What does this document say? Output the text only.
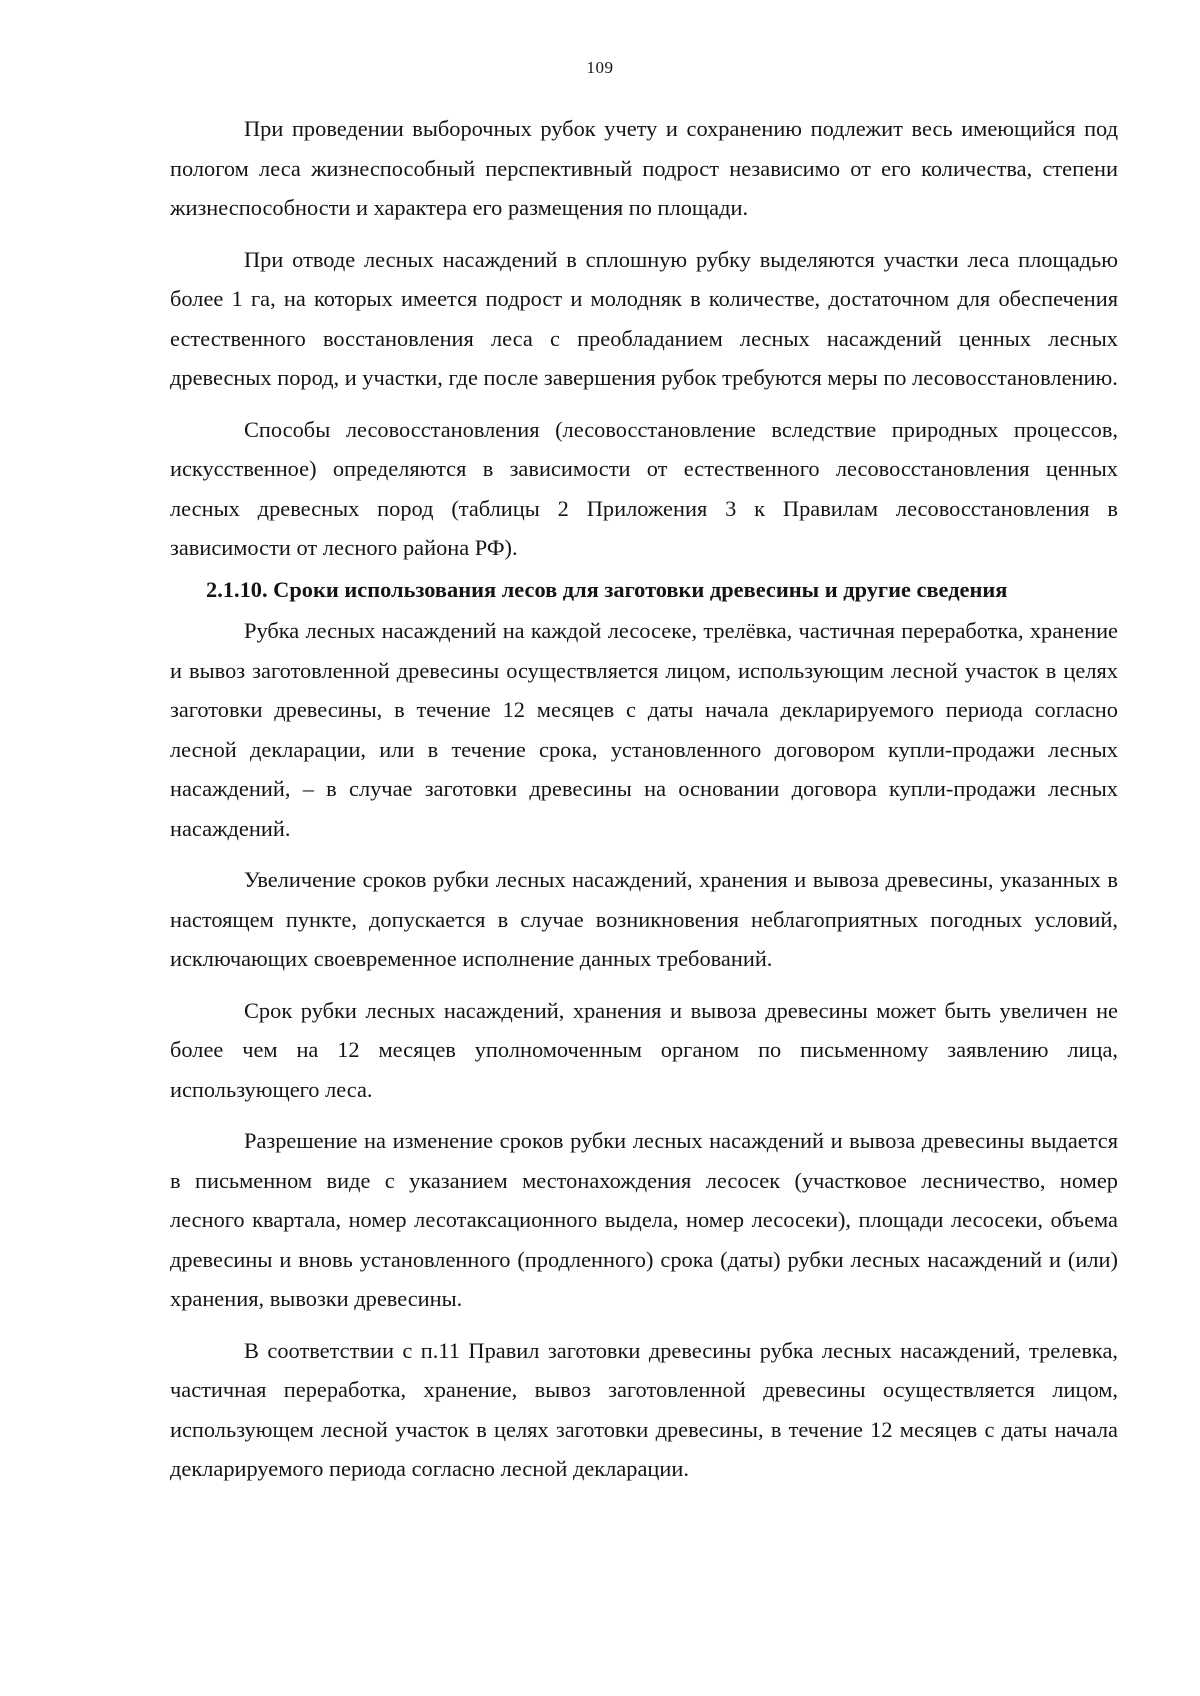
109

При проведении выборочных рубок учету и сохранению подлежит весь имеющийся под пологом леса жизнеспособный перспективный подрост независимо от его количества, степени жизнеспособности и характера его размещения по площади.

При отводе лесных насаждений в сплошную рубку выделяются участки леса площадью более 1 га, на которых имеется подрост и молодняк в количестве, достаточном для обеспечения естественного восстановления леса с преобладанием лесных насаждений ценных лесных древесных пород, и участки, где после завершения рубок требуются меры по лесовосстановлению.

Способы лесовосстановления (лесовосстановление вследствие природных процессов, искусственное) определяются в зависимости от естественного лесовосстановления ценных лесных древесных пород (таблицы 2 Приложения 3 к Правилам лесовосстановления в зависимости от лесного района РФ).

2.1.10. Сроки использования лесов для заготовки древесины и другие сведения

Рубка лесных насаждений на каждой лесосеке, трелёвка, частичная переработка, хранение и вывоз заготовленной древесины осуществляется лицом, использующим лесной участок в целях заготовки древесины, в течение 12 месяцев с даты начала декларируемого периода согласно лесной декларации, или в течение срока, установленного договором купли-продажи лесных насаждений, – в случае заготовки древесины на основании договора купли-продажи лесных насаждений.

Увеличение сроков рубки лесных насаждений, хранения и вывоза древесины, указанных в настоящем пункте, допускается в случае возникновения неблагоприятных погодных условий, исключающих своевременное исполнение данных требований.

Срок рубки лесных насаждений, хранения и вывоза древесины может быть увеличен не более чем на 12 месяцев уполномоченным органом по письменному заявлению лица, использующего леса.

Разрешение на изменение сроков рубки лесных насаждений и вывоза древесины выдается в письменном виде с указанием местонахождения лесосек (участковое лесничество, номер лесного квартала, номер лесотаксационного выдела, номер лесосеки), площади лесосеки, объема древесины и вновь установленного (продленного) срока (даты) рубки лесных насаждений и (или) хранения, вывозки древесины.

В соответствии с п.11 Правил заготовки древесины рубка лесных насаждений, трелевка, частичная переработка, хранение, вывоз заготовленной древесины осуществляется лицом, использующем лесной участок в целях заготовки древесины, в течение 12 месяцев с даты начала декларируемого периода согласно лесной декларации.
